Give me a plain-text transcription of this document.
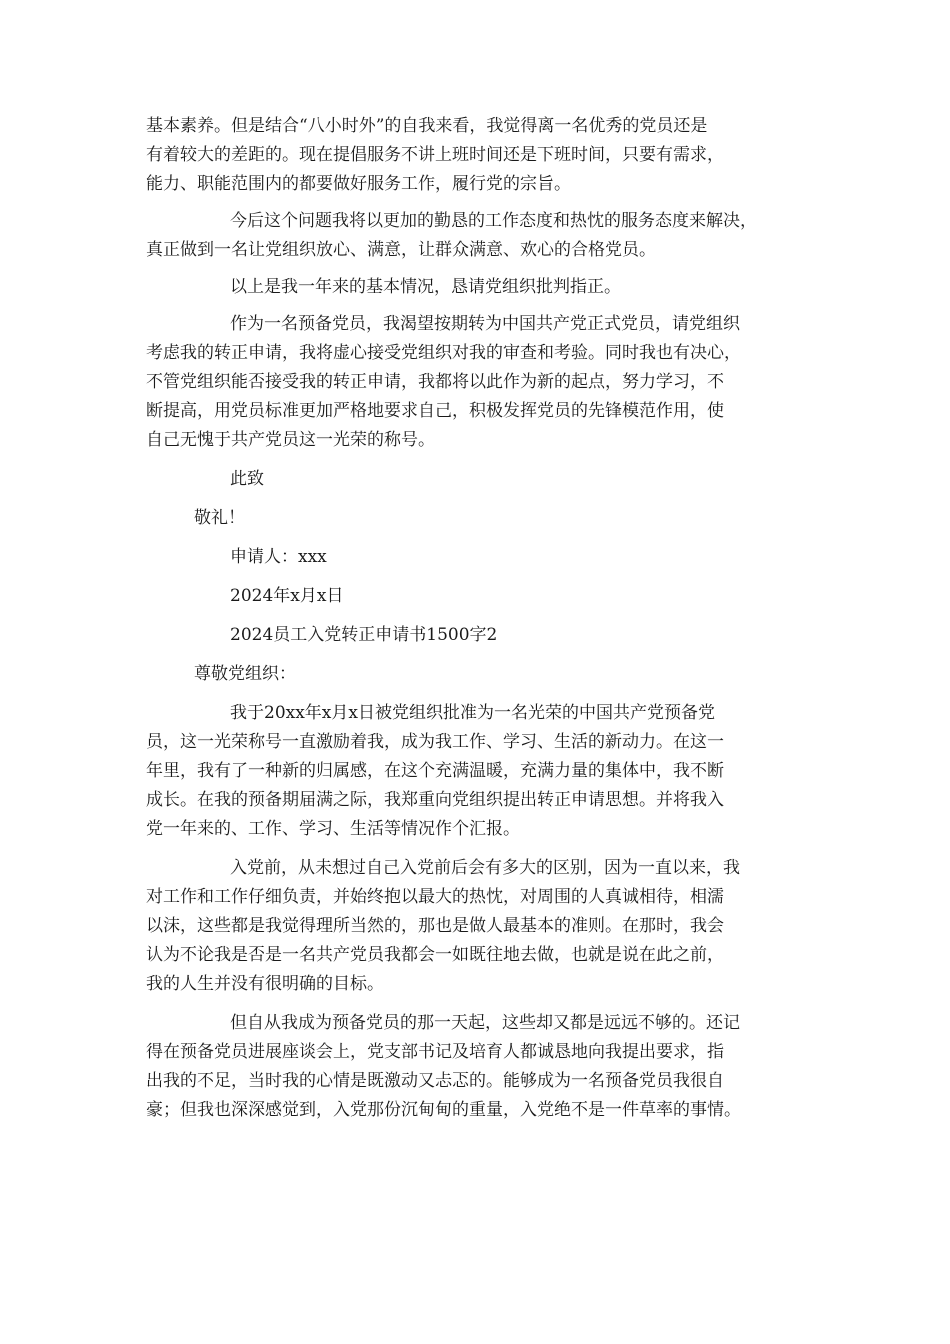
基本素养。但是结合“八小时外”的自我来看，我觉得离一名优秀的党员还是
有着较大的差距的。现在提倡服务不讲上班时间还是下班时间，只要有需求，
能力、职能范围内的都要做好服务工作，履行党的宗旨。
今后这个问题我将以更加的勤恳的工作态度和热忱的服务态度来解决，
真正做到一名让党组织放心、满意，让群众满意、欢心的合格党员。
以上是我一年来的基本情况，恳请党组织批判指正。
作为一名预备党员，我渴望按期转为中国共产党正式党员，请党组织
考虑我的转正申请，我将虚心接受党组织对我的审查和考验。同时我也有决心，
不管党组织能否接受我的转正申请，我都将以此作为新的起点，努力学习，不
断提高，用党员标准更加严格地要求自己，积极发挥党员的先锋模范作用，使
自己无愧于共产党员这一光荣的称号。
此致
敬礼！
申请人：xxx
2024年x月x日
2024员工入党转正申请书1500字2
尊敬党组织：
我于20xx年x月x日被党组织批准为一名光荣的中国共产党预备党
员，这一光荣称号一直激励着我，成为我工作、学习、生活的新动力。在这一
年里，我有了一种新的归属感，在这个充满温暖，充满力量的集体中，我不断
成长。在我的预备期届满之际，我郑重向党组织提出转正申请思想。并将我入
党一年来的、工作、学习、生活等情况作个汇报。
入党前，从未想过自己入党前后会有多大的区别，因为一直以来，我
对工作和工作仔细负责，并始终抱以最大的热忱，对周围的人真诚相待，相濡
以沫，这些都是我觉得理所当然的，那也是做人最基本的准则。在那时，我会
认为不论我是否是一名共产党员我都会一如既往地去做，也就是说在此之前，
我的人生并没有很明确的目标。
但自从我成为预备党员的那一天起，这些却又都是远远不够的。还记
得在预备党员进展座谈会上，党支部书记及培育人都诚恳地向我提出要求，指
出我的不足，当时我的心情是既激动又忐忑的。能够成为一名预备党员我很自
豪；但我也深深感觉到，入党那份沉甸甸的重量，入党绝不是一件草率的事情。
